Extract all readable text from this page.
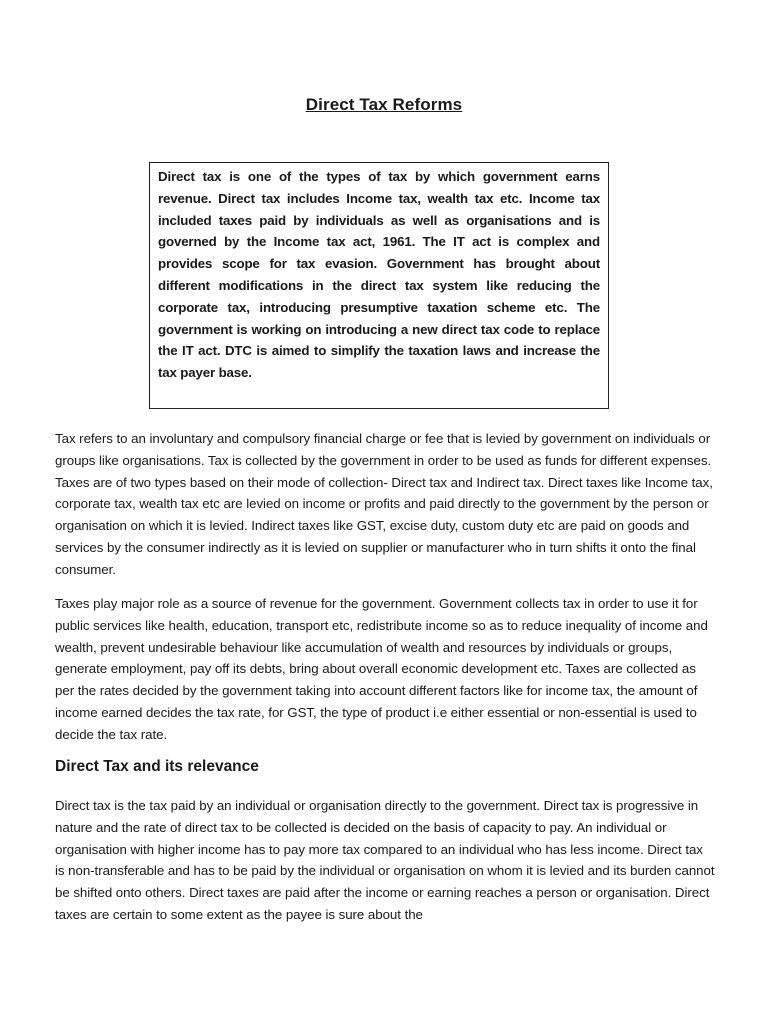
Direct Tax Reforms

Direct tax is one of the types of tax by which government earns revenue. Direct tax includes Income tax, wealth tax etc. Income tax included taxes paid by individuals as well as organisations and is governed by the Income tax act, 1961. The IT act is complex and provides scope for tax evasion. Government has brought about different modifications in the direct tax system like reducing the corporate tax, introducing presumptive taxation scheme etc. The government is working on introducing a new direct tax code to replace the IT act. DTC is aimed to simplify the taxation laws and increase the tax payer base.

Tax refers to an involuntary and compulsory financial charge or fee that is levied by government on individuals or groups like organisations. Tax is collected by the government in order to be used as funds for different expenses. Taxes are of two types based on their mode of collection- Direct tax and Indirect tax. Direct taxes like Income tax, corporate tax, wealth tax etc are levied on income or profits and paid directly to the government by the person or organisation on which it is levied. Indirect taxes like GST, excise duty, custom duty etc are paid on goods and services by the consumer indirectly as it is levied on supplier or manufacturer who in turn shifts it onto the final consumer.

Taxes play major role as a source of revenue for the government. Government collects tax in order to use it for public services like health, education, transport etc, redistribute income so as to reduce inequality of income and wealth, prevent undesirable behaviour like accumulation of wealth and resources by individuals or groups, generate employment, pay off its debts, bring about overall economic development etc. Taxes are collected as per the rates decided by the government taking into account different factors like for income tax, the amount of income earned decides the tax rate, for GST, the type of product i.e either essential or non-essential is used to decide the tax rate.

Direct Tax and its relevance

Direct tax is the tax paid by an individual or organisation directly to the government. Direct tax is progressive in nature and the rate of direct tax to be collected is decided on the basis of capacity to pay. An individual or organisation with higher income has to pay more tax compared to an individual who has less income. Direct tax is non-transferable and has to be paid by the individual or organisation on whom it is levied and its burden cannot be shifted onto others. Direct taxes are paid after the income or earning reaches a person or organisation. Direct taxes are certain to some extent as the payee is sure about the
